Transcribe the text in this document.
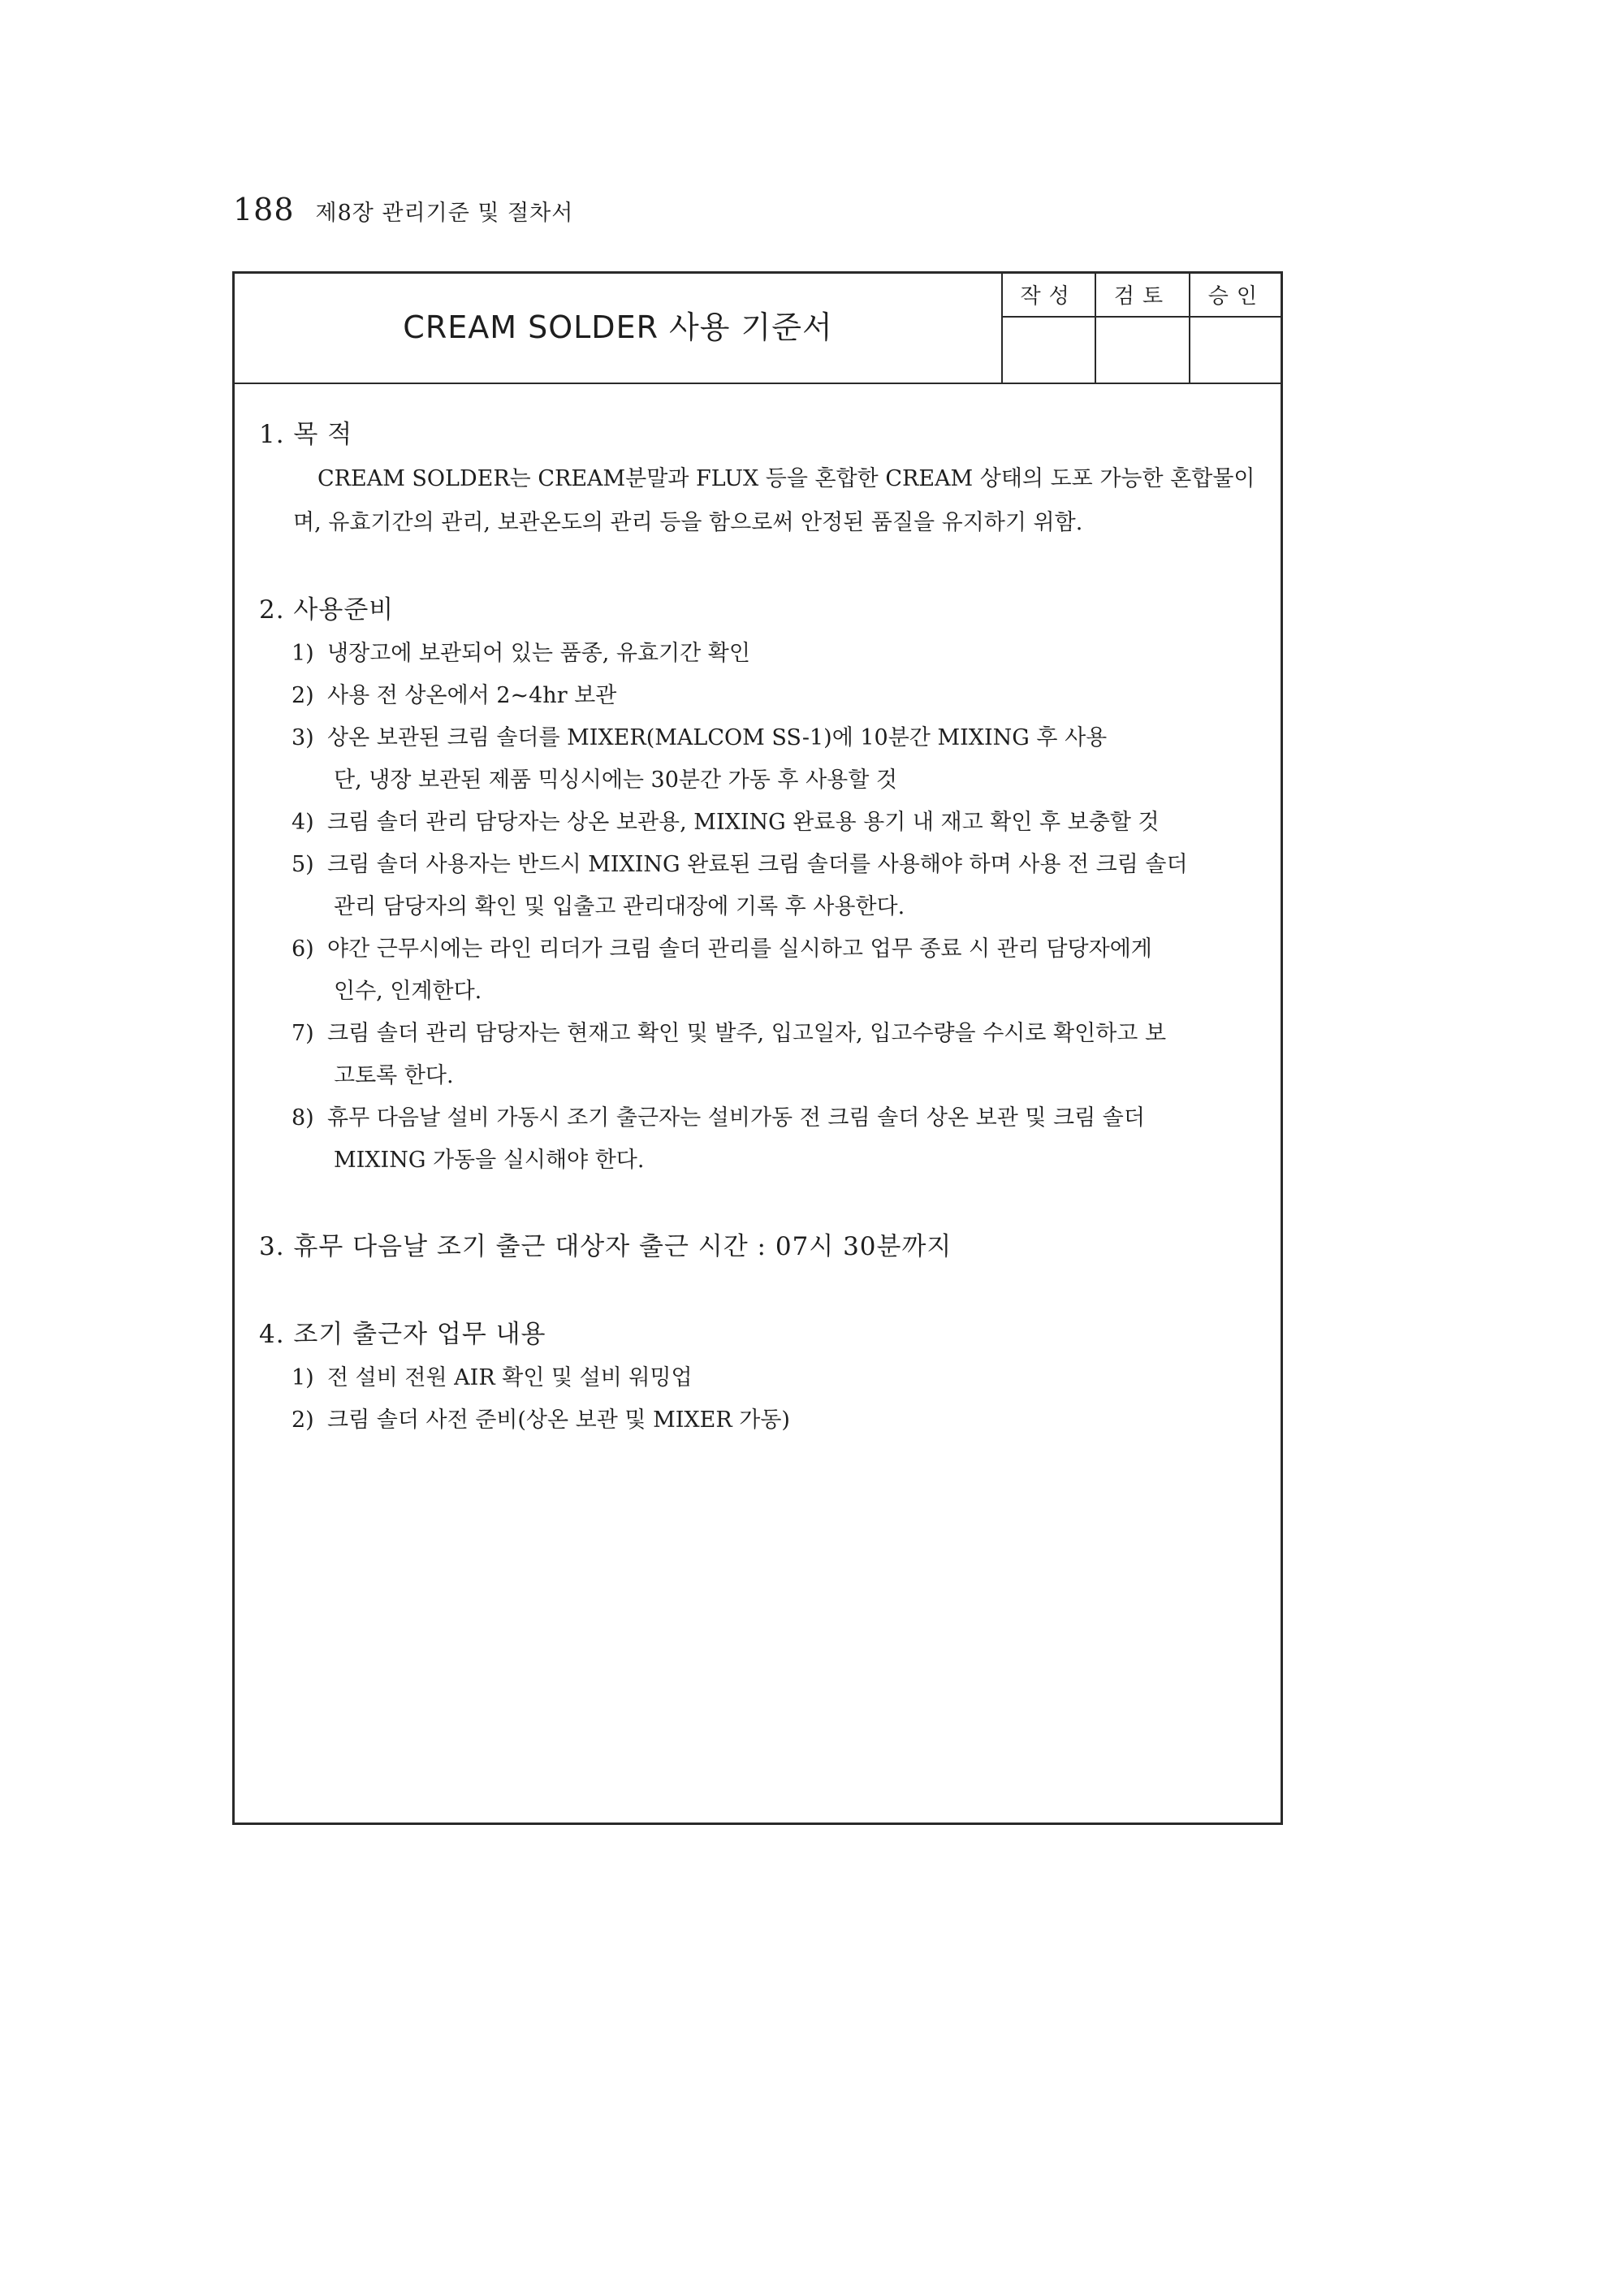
188 제8장 관리기준 및 절차서
CREAM SOLDER 사용 기준서
작성	검토	승인

1. 목 적
CREAM SOLDER는 CREAM분말과 FLUX 등을 혼합한 CREAM 상태의 도포 가능한 혼합물이
며, 유효기간의 관리, 보관온도의 관리 등을 함으로써 안정된 품질을 유지하기 위함.
2. 사용준비
1) 냉장고에 보관되어 있는 품종, 유효기간 확인
2) 사용 전 상온에서 2~4hr 보관
3) 상온 보관된 크림 솔더를 MIXER(MALCOM SS-1)에 10분간 MIXING 후 사용
단, 냉장 보관된 제품 믹싱시에는 30분간 가동 후 사용할 것
4) 크림 솔더 관리 담당자는 상온 보관용, MIXING 완료용 용기 내 재고 확인 후 보충할 것
5) 크림 솔더 사용자는 반드시 MIXING 완료된 크림 솔더를 사용해야 하며 사용 전 크림 솔더
관리 담당자의 확인 및 입출고 관리대장에 기록 후 사용한다.
6) 야간 근무시에는 라인 리더가 크림 솔더 관리를 실시하고 업무 종료 시 관리 담당자에게
인수, 인계한다.
7) 크림 솔더 관리 담당자는 현재고 확인 및 발주, 입고일자, 입고수량을 수시로 확인하고 보
고토록 한다.
8) 휴무 다음날 설비 가동시 조기 출근자는 설비가동 전 크림 솔더 상온 보관 및 크림 솔더
MIXING 가동을 실시해야 한다.
3. 휴무 다음날 조기 출근 대상자 출근 시간 : 07시 30분까지
4. 조기 출근자 업무 내용
1) 전 설비 전원 AIR 확인 및 설비 워밍업
2) 크림 솔더 사전 준비(상온 보관 및 MIXER 가동)
